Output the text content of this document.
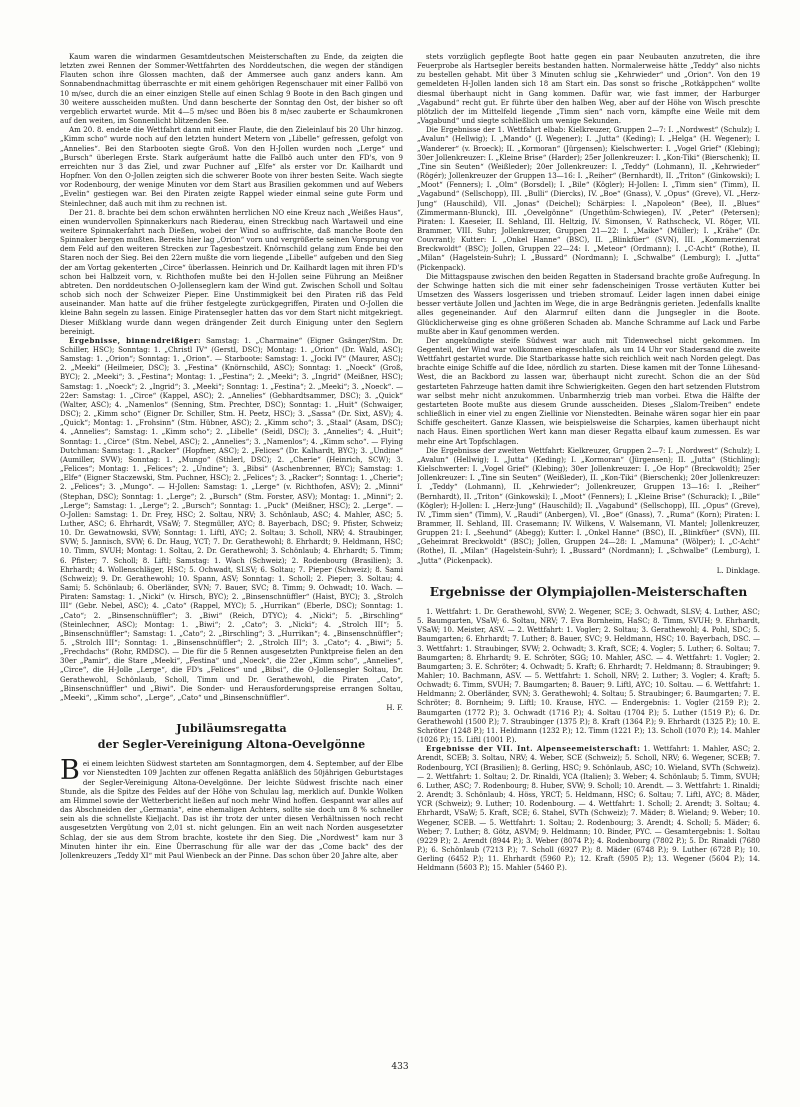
Kaum waren die windarmen Gesamtdeutschen Meisterschaften zu Ende, da zeigten die letzten zwei Rennen der Sommer-Wettfahrten des Norddeutschen, die wegen der ständigen Flauten schon ihre Glossen machten, daß der Ammersee auch ganz anders kann. Am Sonnabendnachmittag überraschte er mit einem gehörigen Regenschauer mit einer Fallbö von 10 m/sec, durch die an einer einzigen Stelle auf einen Schlag 9 Boote in den Bach gingen und 30 weitere ausscheiden mußten. Und dann bescherte der Sonntag den Ost, der bisher so oft vergeblich erwartet wurde. Mit 4—5 m/sec und Böen bis 8 m/sec zauberte er Schaumkronen auf den weiten, im Sonnenlicht blitzenden See.

Am 20. 8. endete die Wettfahrt dann mit einer Flaute, die den Zieleinlauf bis 20 Uhr hinzog. „Kimm scho“ wurde noch auf den letzten hundert Metern von „Libelle“ gefressen, gefolgt von „Annelies“. Bei den Starbooten siegte Groß. Von den H-Jollen wurden noch „Lerge“ und „Bursch“ überlegen Erste. Stark aufgeräumt hatte die Fallbö auch unter den FD's, von 9 erreichten nur 3 das Ziel, und zwar Puchner auf „Elfe“ als erster vor Dr. Kailhardt und Hopfner. Von den O-Jollen zeigten sich die schwerer Boote von ihrer besten Seite. Wach siegte vor Rodenbourg, der wenige Minuten vor dem Start aus Brasilien gekommen und auf Webers „Evelin“ gestiegen war. Bei den Piraten zeigte Rappel wieder einmal seine gute Form und Steinlechner, daß auch mit ihm zu rechnen ist.

Der 21. 8. brachte bei dem schon erwähnten herrlichen NO eine Kreuz nach „Weißes Haus“, einen wundervollen Spinnakerkurs nach Riederau, einen Streckbug nach Wartaweil und eine weitere Spinnakerfahrt nach Dießen, wobei der Wind so auffrischte, daß manche Boote den Spinnaker bergen mußten. Bereits hier lag „Orion“ vorn und vergrößerte seinen Vorsprung vor dem Feld auf den weiteren Strecken zur Tagesbestzeit. Knörnschild gelang zum Ende bei den Staren noch der Sieg. Bei den 22ern mußte die vorn liegende „Libelle“ aufgeben und den Sieg der am Vortag gekenterten „Circe“ überlassen. Heinrich und Dr. Kailhardt lagen mit ihren FD's schon bei Halbzeit vorn, v. Richthofen mußte bei den H-Jollen seine Führung an Meißner abtreten. Den norddeutschen O-Jollenseglern kam der Wind gut. Zwischen Scholl und Soltau schob sich noch der Schweizer Pieper. Eine Unstimmigkeit bei den Piraten riß das Feld auseinander. Man hatte auf die früher festgelegte zurückgegriffen, Piraten und O-Jollen die kleine Bahn segeln zu lassen. Einige Piratensegler hatten das vor dem Start nicht mitgekriegt. Dieser Mißklang wurde dann wegen drängender Zeit durch Einigung unter den Seglern bereinigt.

Ergebnisse, binnendreißiger: Samstag: 1. „Charmaine“ (Eigner Gsänger/Stm. Dr. Schiller, HSC); Sonntag: 1. „Christl IV“ (Gerstl, DSC); Montag: 1. „Orion“ (Dr. Wald, ASC); Samstag: 1. „Orion“; Sonntag: 1. „Orion“. — Starboote: Samstag: 1. „Jocki IV“ (Maurer, ASC); 2. „Meeki“ (Heilmeier, DSC); 3. „Festina“ (Knörnschild, ASC); Sonntag: 1. „Noeck“ (Groß, BYC); 2. „Meeki“; 3. „Festina“; Montag: 1. „Festina“; 2. „Meeki“; 3. „Ingrid“ (Meißner, HSC); Samstag: 1. „Noeck“; 2. „Ingrid“; 3. „Meeki“; Sonntag: 1. „Festina“; 2. „Meeki“; 3. „Noeck“. — 22er: Samstag: 1. „Circe“ (Kappel, ASC); 2. „Annelies“ (Gebhardtsammer, DSC); 3. „Quick“ (Walter, ASC); 4. „Namenlos“ (Senning, Stm. Prechter, DSC); Sonntag: 1. „Huit“ (Schwaiger, DSC); 2. „Kimm scho“ (Eigner Dr. Schiller, Stm. H. Peetz, HSC); 3. „Sassa“ (Dr. Sixt, ASV); 4. „Quick“; Montag: 1. „Frohsinn“ (Stm. Hübner, ASC); 2. „Kimm scho“; 3. „Staal“ (Asam, DSC); 4. „Annelies“; Samstag: 1. „Kimm scho“; 2. „Libelle“ (Seidl, DSC); 3. „Annelies“; 4. „Huit“; Sonntag: 1. „Circe“ (Stm. Nebel, ASC); 2. „Annelies“; 3. „Namenlos“; 4. „Kimm scho“. — Flying Dutchman: Samstag: 1. „Racker“ (Hopfner, ASC); 2. „Felices“ (Dr. Kalhardt, BYC); 3. „Undine“ (Aumiller, SVW); Sonntag: 1. „Mungo“ (Sthlerl, DSC); 2. „Cherie“ (Heinrich, SCW); 3. „Felices“; Montag: 1. „Felices“; 2. „Undine“; 3. „Bibsi“ (Aschenbrenner, BYC); Samstag: 1. „Elfe“ (Eigner Staczewski, Stm. Puchner, HSC); 2. „Felices“; 3. „Racker“; Sonntag: 1. „Cherie“; 2. „Felices“; 3. „Mungo“. — H-Jollen: Samstag: 1. „Lerge“ (v. Richthofen, ASV); 2. „Minni“ (Stephan, DSC); Sonntag: 1. „Lerge“; 2. „Bursch“ (Stm. Forster, ASV); Montag: 1. „Minni“; 2. „Lerge“; Samstag: 1. „Lerge“; 2. „Bursch“; Sonntag: 1. „Puck“ (Meißner, HSC); 2. „Lerge“. — O-Jollen: Samstag: 1. Dr. Frey, HSC; 2. Soltau, NRV; 3. Schönlaub, ASC; 4. Mahler, ASC; 5. Luther, ASC; 6. Ehrhardt, VSaW; 7. Stegmüller, AYC; 8. Bayerbach, DSC; 9. Pfister, Schweiz; 10. Dr. Gewatnowski, SVW; Sonntag: 1. Liftl, AYC; 2. Soltau; 3. Scholl, NRV; 4. Straubinger, SVW; 5. Jannisch, SVW; 6. Dr. Haug, YCT; 7. Dr. Gerathewohl; 8. Ehrhardt; 9. Heldmann, HSC; 10. Timm, SVUH; Montag: 1. Soltau, 2. Dr. Gerathewohl; 3. Schönlaub; 4. Ehrhardt; 5. Timm; 6. Pfister; 7. Scholl; 8. Liftl; Samstag: 1. Wach (Schweiz); 2. Rodenbourg (Brasilien); 3. Ehrhardt; 4. Wollenschläger, HSC; 5. Ochwadt, SLSV; 6. Soltau; 7. Pieper (Schweiz); 8. Sami (Schweiz); 9. Dr. Gerathewohl; 10. Spann, ASV; Sonntag: 1. Scholl; 2. Pieper; 3. Soltau; 4. Sami; 5. Schönlaub; 6. Oberländer, SVN; 7. Bauer, SVC; 8. Timm; 9. Ochwadt; 10. Wach. — Piraten: Samstag: 1. „Nicki“ (v. Hirsch, BYC); 2. „Binsenschnüffler“ (Haist, BYC); 3. „Strolch III“ (Gebr. Nebel, ASC); 4. „Cato“ (Rappel, MYC); 5. „Hurrikan“ (Eberle, DSC); Sonntag: 1. „Cato“; 2. „Binsenschnüffler“; 3. „Biwi“ (Reich, DTYC); 4. „Nicki“; 5. „Birschling“ (Steinlechner, ASC); Montag: 1. „Biwi“; 2. „Cato“; 3. „Nicki“; 4. „Strolch III“; 5. „Binsenschnüffler“; Samstag: 1. „Cato“; 2. „Birschling“; 3. „Hurrikan“; 4. „Binsenschnüffler“; 5. „Strolch III“; Sonntag: 1. „Binsenschnüffler“; 2. „Strolch III“; 3. „Cato“; 4. „Biwi“; 5. „Frechdachs“ (Rohr, RMDSC). — Die für die 5 Rennen ausgesetzten Punktpreise fielen an den 30er „Pamir“, die Stare „Meeki“, „Festina“ und „Noeck“, die 22er „Kimm scho“, „Annelies“, „Circe“, die H-Jolle „Lerge“, die FD's „Felices“ und „Bibsi“, die O-Jollensegler Soltau, Dr. Gerathewohl, Schönlaub, Scholl, Timm und Dr. Gerathewohl, die Piraten „Cato“, „Binsenschnüffler“ und „Biwi“. Die Sonder- und Herausforderungspreise errangen Soltau, „Meeki“, „Kimm scho“, „Lerge“, „Cato“ und „Binsenschnüffler“.

H. F.

Jubiläumsregatta
der Segler-Vereinigung Altona-Oevelgönne

Bei einem leichten Südwest starteten am Sonntagmorgen, dem 4. September, auf der Elbe vor Nienstedten 109 Jachten zur offenen Regatta anläßlich des 50jährigen Geburtstages der Segler-Vereinigung Altona-Oevelgönne. Der leichte Südwest frischte nach einer Stunde, als die Spitze des Feldes auf der Höhe von Schulau lag, merklich auf. Dunkle Wolken am Himmel sowie der Wetterbericht ließen auf noch mehr Wind hoffen. Gespannt war alles auf das Abschneiden der „Germania“, eine ehemaligen Achters, sollte sie doch um 8 % schneller sein als die schnellste Kieljacht. Das ist ihr trotz der unter diesen Verhältnissen noch recht ausgesetzten Vergütung von 2,01 st. nicht gelungen. Ein an weit nach Norden ausgesetzter Schlag, der sie aus dem Strom brachte, kostete ihr den Sieg. Die „Nordwest“ kam nur 3 Minuten hinter ihr ein. Eine Überraschung für alle war der das „Come back“ des der Jollenkreuzers „Teddy XI“ mit Paul Wienbeck an der Pinne. Das schon über 20 Jahre alte, aber

stets vorzüglich gepflegte Boot hatte gegen ein paar Neubauten anzutreten, die ihre Feuerprobe als Hartsegler bereits bestanden hatten. Normalerweise hätte „Teddy“ also nichts zu bestellen gehabt. Mit über 3 Minuten schlug sie „Kehrwieder“ und „Orion“. Von den 19 gemeldeten H-Jollen landen sich 18 am Start ein. Das sonst so frische „Rotkäppchen“ wollte diesmal überhaupt nicht in Gang kommen. Dafür war, wie fast immer, der Harburger „Vagabund“ recht gut. Er führte über den halben Weg, aber auf der Höhe von Wisch preschte plötzlich der im Mittelfeld liegende „Timm sien“ nach vorn, kämpfte eine Weile mit dem „Vagabund“ und siegte schließlich um wenige Sekunden.

Die Ergebnisse der 1. Wettfahrt elbab: Kielkreuzer, Gruppen 2—7: I. „Nordwest“ (Schulz); I. „Avalun“ (Hellwig); I. „Mando“ (J. Wegener); I. „Jutta“ (Keding); I. „Helga“ (H. Wegener); I. „Wanderer“ (v. Broeck); II. „Kormoran“ (Jürgensen); Kielschwerter: I. „Vogel Grief“ (Klebing); 30er Jollenkreuzer: I. „Kleine Brise“ (Harder); 25er Jollenkreuzer: I. „Kon-Tiki“ (Bierschenk); II. „Tine sin Seuten“ (Weißleder); 20er Jollenkreuzer: I. „Teddy“ (Lohmann), II. „Kehrwieder“ (Rögér); Jollenkreuzer der Gruppen 13—16: I. „Reiher“ (Bernhardt), II. „Triton“ (Ginkowski); I. „Moot“ (Fenners); I. „Olm“ (Borsdel); I. „Bile“ (Kögler); H-Jollen: I. „Timm sien“ (Timm), II. „Vagabund“ (Sellschopp), III. „Bulli“ (Diercks), IV. „Boe“ (Gnass), V. „Opus“ (Greve), VI. „Herz-Jung“ (Hauschild), VII. „Jonas“ (Deichel); Schärpies: I. „Napoleon“ (Bee), II. „Blues“ (Zimmermann-Blunck), III. „Oevelgönne“ (Ungethüm-Schwiegen), IV. „Peter“ (Petersen); Piraten: I. Kaeseier, II. Sehland, III. Heltzig, IV. Simonsen, V. Rathscheck, VI. Röger, VII. Brammer, VIII. Suhr; Jollenkreuzer, Gruppen 21—22: I. „Maike“ (Müller); I. „Krähe“ (Dr. Couvrant); Kutter: I. „Onkel Hanne“ (BSC), II. „Blinkfüer“ (SVN), III. „Kommerzienrat Breckwoldt“ (BSC); Jollen, Gruppen 22—24: I. „Meteor“ (Ordmann); I. „C-Acht“ (Rothe), II. „Milan“ (Hagelstein-Suhr); I. „Bussard“ (Nordmann); I. „Schwalbe“ (Lemburg); I. „Jutta“ (Pickenpack).

Die Mittagspause zwischen den beiden Regatten in Stadersand brachte große Aufregung. In der Schwinge hatten sich die mit einer sehr fadenscheinigen Trosse vertäuten Kutter bei Umsetzen des Wassers losgerissen und trieben stromauf. Leider lagen innen dabei einige besser vertäute Jollen und Jachten im Wege, die in arge Bedrängnis gerieten. Jedenfalls knallte alles gegeneinander. Auf den Alarmruf eilten dann die Jungsegler in die Boote. Glücklicherweise ging es ohne größeren Schaden ab. Manche Schramme auf Lack und Farbe mußte aber in Kauf genommen werden.

Der angekündigte steife Südwest war auch mit Tidenwechsel nicht gekommen. Im Gegenteil, der Wind war vollkommen eingeschlafen, als um 14 Uhr vor Stadersand die zweite Wettfahrt gestartet wurde. Die Startbarkasse hatte sich reichlich weit nach Norden gelegt. Das brachte einige Schiffe auf die Idee, nördlich zu starten. Diese kamen mit der Tonne Lühesand-West, die an Backbord zu lassen war, überhaupt nicht zurecht. Schon die an der Süd gestarteten Fahrzeuge hatten damit ihre Schwierigkeiten. Gegen den hart setzenden Flutstrom war selbst mehr nicht anzukommen. Unbarmherzig trieb man vorbei. Etwa die Hälfte der gestarteten Boote mußte aus diesem Grunde ausscheiden. Dieses „Slalom-Treiben“ endete schließlich in einer viel zu engen Ziellinie vor Nienstedten. Beinahe wären sogar hier ein paar Schiffe gescheitert. Ganze Klassen, wie beispielsweise die Scharpies, kamen überhaupt nicht nach Haus. Einen sportlichen Wert kann man dieser Regatta elbauf kaum zumessen. Es war mehr eine Art Topfschlagen.

Die Ergebnisse der zweiten Wettfahrt: Kielkreuzer, Gruppen 2—7: I. „Nordwest“ (Schulz); I. „Avalun“ (Hellwig); I. „Jutta“ (Keding); I. „Kormoran“ (Jürgensen); II. „Jutta“ (Stichling); Kielschwerter: I. „Vogel Grief“ (Klebing); 30er Jollenkreuzer: I. „Oe Hop“ (Breckwoldt); 25er Jollenkreuzer: I. „Tine sin Seuten“ (Weißleder), II. „Kon-Tiki“ (Bierschenk); 20er Jollenkreuzer: I. „Teddy“ (Lohmann), II. „Kehrwieder“; Jollenkreuzer, Gruppen 13—16: I. „Reiher“ (Bernhardt), II. „Triton“ (Ginkowski); I. „Moot“ (Fenners); I. „Kleine Brise“ (Schurack); I. „Bile“ (Kögler); H-Jollen: I. „Herz-Jung“ (Hauschild); II. „Vagabund“ (Sellschopp), III. „Opus“ (Greve), IV. „Timm sien“ (Timm), V. „Raudi“ (Anbergen), VI. „Boe“ (Gnass), 7. „Ruma“ (Korn); Piraten: I. Brammer, II. Sehland, III. Crasemann; IV. Wilkens, V. Walsemann, VI. Mantel; Jollenkreuzer, Gruppen 21: I. „Seehund“ (Abegg); Kutter: I. „Onkel Hanne“ (BSC), II. „Blinkfüer“ (SVN), III. „Geheimrat Breckwoldt“ (BSC); Jollen, Gruppen 24—28: I. „Mamuna“ (Wölper); I. „C-Acht“ (Rothe), II. „Milan“ (Hagelstein-Suhr); I. „Bussard“ (Nordmann); I. „Schwalbe“ (Lemburg), I. „Jutta“ (Pickenpack).

L. Dinklage.

Ergebnisse der Olympiajollen-Meisterschaften

1. Wettfahrt: 1. Dr. Gerathewohl, SVW; 2. Wegener, SCE; 3. Ochwadt, SLSV; 4. Luther, ASC; 5. Baumgarten, VSaW; 6. Soltau, NRV; 7. Eva Bornheim, HaSC; 8. Timm, SVUH; 9. Ehrhardt, VSaW; 10. Meister, ASV. — 2. Wettfahrt: 1. Vogler; 2. Soltau; 3. Gerathewohl; 4. Pohl, SDC; 5. Baumgarten; 6. Ehrhardt; 7. Luther; 8. Bauer, SVC; 9. Heldmann, HSC; 10. Bayerbach, DSC. — 3. Wettfahrt: 1. Straubinger, SVW; 2. Ochwadt; 3. Kraft, SCE; 4. Vogler; 5. Luther; 6. Soltau; 7. Baumgarten; 8. Ehrhardt; 9. E. Schröter, SGG; 10. Mahler, ASC. — 4. Wettfahrt: 1. Vogler; 2. Baumgarten; 3. E. Schröter; 4. Ochwadt; 5. Kraft; 6. Ehrhardt; 7. Heldmann; 8. Straubinger; 9. Mahler; 10. Bachmann, ASV. — 5. Wettfahrt: 1. Scholl, NRV; 2. Luther; 3. Vogler; 4. Kraft; 5. Ochwadt; 6. Timm, SVUH; 7. Baumgarten; 8. Bauer; 9. Liftl, AYC; 10. Soltau. — 6. Wettfahrt: 1. Heldmann; 2. Oberländer, SVN; 3. Gerathewohl; 4. Soltau; 5. Straubinger; 6. Baumgarten; 7. E. Schröter; 8. Bornheim; 9. Liftl; 10. Krause, HYC. — Endergebnis: 1. Vogler (2159 P.); 2. Baumgarten (1772 P.); 3. Ochwadt (1716 P.); 4. Soltau (1704 P.); 5. Luther (1519 P.); 6. Dr. Gerathewohl (1500 P.); 7. Straubinger (1375 P.); 8. Kraft (1364 P.); 9. Ehrhardt (1325 P.); 10. E. Schröter (1248 P.); 11. Heldmann (1232 P.); 12. Timm (1221 P.); 13. Scholl (1070 P.); 14. Mahler (1026 P.); 15. Liftl (1001 P.).

Ergebnisse der VII. Int. Alpenseemeisterschaft: 1. Wettfahrt: 1. Mahler, ASC; 2. Arendt, SCEB; 3. Soltau, NRV; 4. Weber, SCE (Schweiz); 5. Scholl, NRV; 6. Wegener, SCEB; 7. Rodenbourg, YCI (Brasilien); 8. Gerling, HSC; 9. Schönlaub, ASC; 10. Wieland, SVTh (Schweiz). — 2. Wettfahrt: 1. Soltau; 2. Dr. Rinaldi, YCA (Italien); 3. Weber; 4. Schönlaub; 5. Timm, SVUH; 6. Luther, ASC; 7. Rodenbourg; 8. Huber, SVW; 9. Scholl; 10. Arendt. — 3. Wettfahrt: 1. Rinaldi; 2. Arendt; 3. Schönlaub; 4. Höss, YRCT; 5. Heldmann, HSC; 6. Soltau; 7. Liftl, AYC; 8. Mäder, YCR (Schweiz); 9. Luther; 10. Rodenbourg. — 4. Wettfahrt: 1. Scholl; 2. Arendt; 3. Soltau; 4. Ehrhardt, VSaW; 5. Kraft, SCE; 6. Stahel, SVTh (Schweiz); 7. Mäder; 8. Wieland; 9. Weber; 10. Wegener, SCEB. — 5. Wettfahrt: 1. Soltau; 2. Rodenbourg; 3. Arendt; 4. Scholl; 5. Mäder; 6. Weber; 7. Luther; 8. Götz, ASVM; 9. Heldmann; 10. Binder, PYC. — Gesamtergebnis: 1. Soltau (9229 P.); 2. Arendt (8944 P.); 3. Weber (8074 P.); 4. Rodenbourg (7802 P.); 5. Dr. Rinaldi (7680 P.); 6. Schönlaub (7213 P.); 7. Scholl (6927 P.); 8. Mäder (6748 P.); 9. Luther (6728 P.); 10. Gerling (6452 P.); 11. Ehrhardt (5960 P.); 12. Kraft (5905 P.); 13. Wegener (5604 P.); 14. Heldmann (5603 P.); 15. Mahler (5460 P.).

433
